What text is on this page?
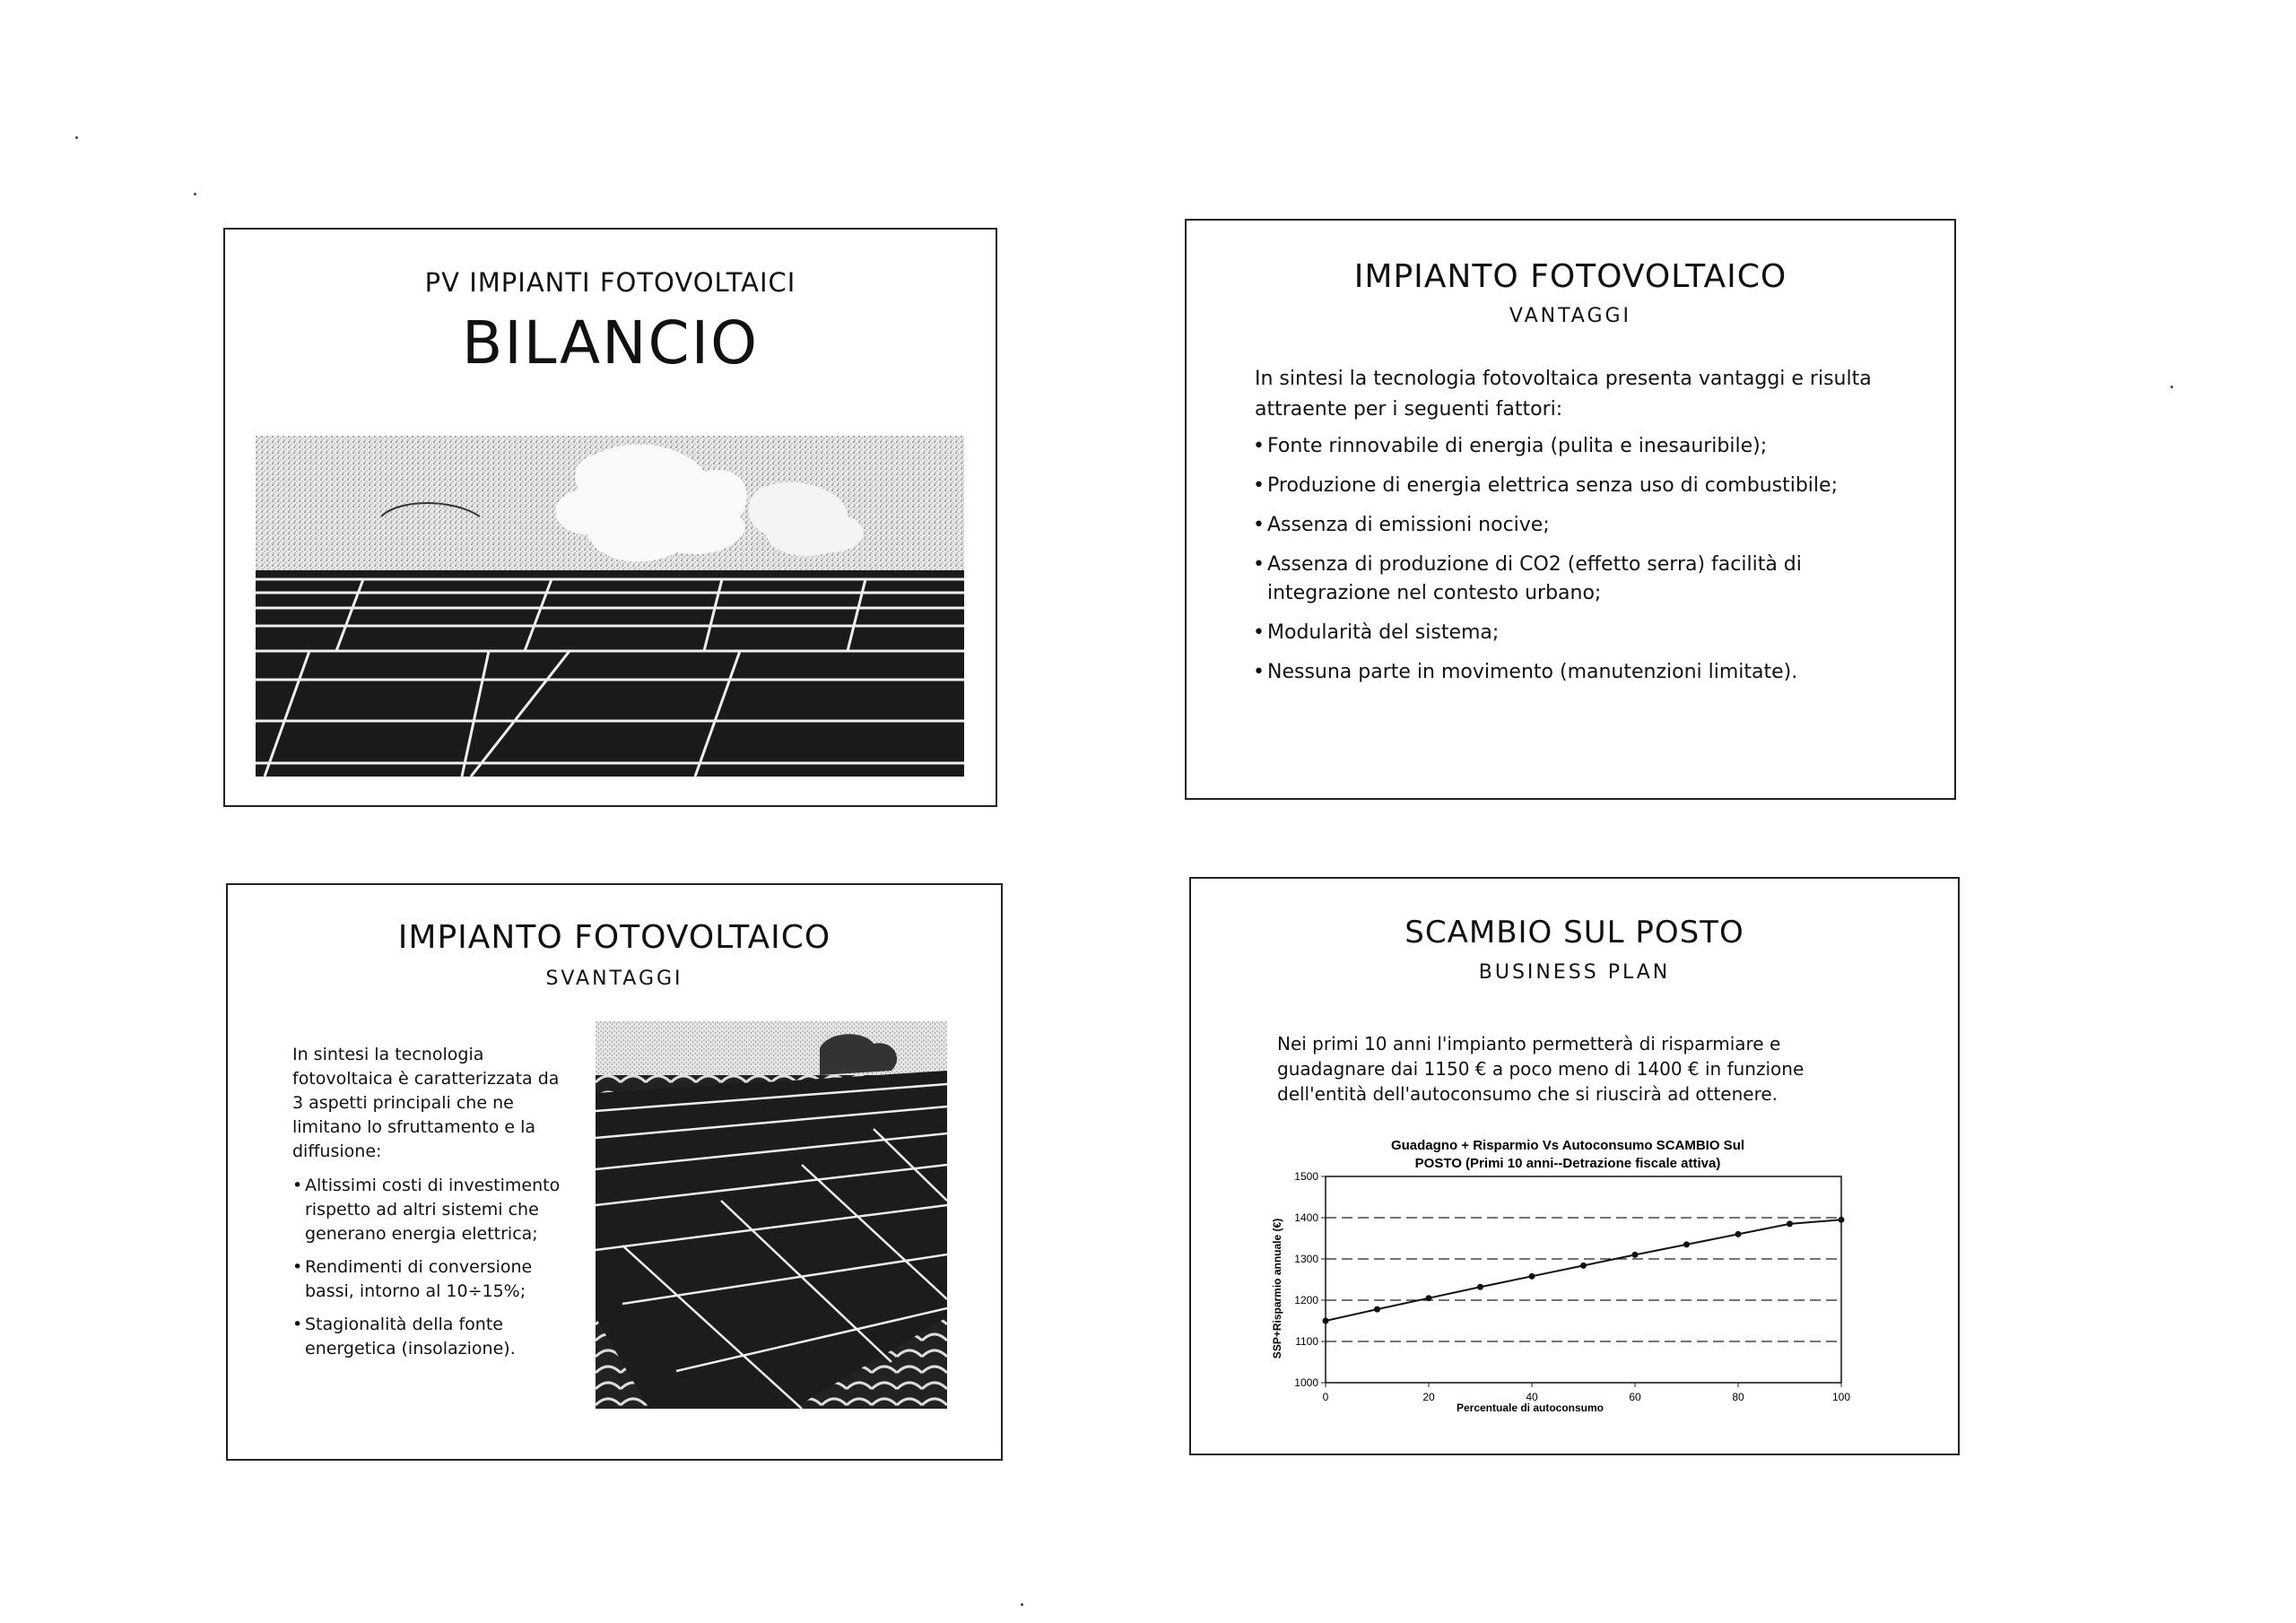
PV IMPIANTI FOTOVOLTAICI
BILANCIO
IMPIANTO FOTOVOLTAICO
VANTAGGI
In sintesi la tecnologia fotovoltaica presenta vantaggi e risulta attraente per i seguenti fattori:
• Fonte rinnovabile di energia (pulita e inesauribile);
• Produzione di energia elettrica senza uso di combustibile;
• Assenza di emissioni nocive;
• Assenza di produzione di CO2 (effetto serra) facilità di integrazione nel contesto urbano;
• Modularità del sistema;
• Nessuna parte in movimento (manutenzioni limitate).
IMPIANTO FOTOVOLTAICO
SVANTAGGI
In sintesi la tecnologia fotovoltaica è caratterizzata da 3 aspetti principali che ne limitano lo sfruttamento e la diffusione:
• Altissimi costi di investimento rispetto ad altri sistemi che generano energia elettrica;
• Rendimenti di conversione bassi, intorno al 10÷15%;
• Stagionalità della fonte energetica (insolazione).
SCAMBIO SUL POSTO
BUSINESS PLAN
Nei primi 10 anni l'impianto permetterà di risparmiare e guadagnare dai 1150 € a poco meno di 1400 € in funzione dell'entità dell'autoconsumo che si riuscirà ad ottenere.
Guadagno + Risparmio Vs Autoconsumo SCAMBIO Sul
POSTO (Primi 10 anni--Detrazione fiscale attiva)
SSP+Risparmio annuale (€)
Percentuale di autoconsumo
1000
1100
1200
1300
1400
1500
0	20	40	60	80	100
